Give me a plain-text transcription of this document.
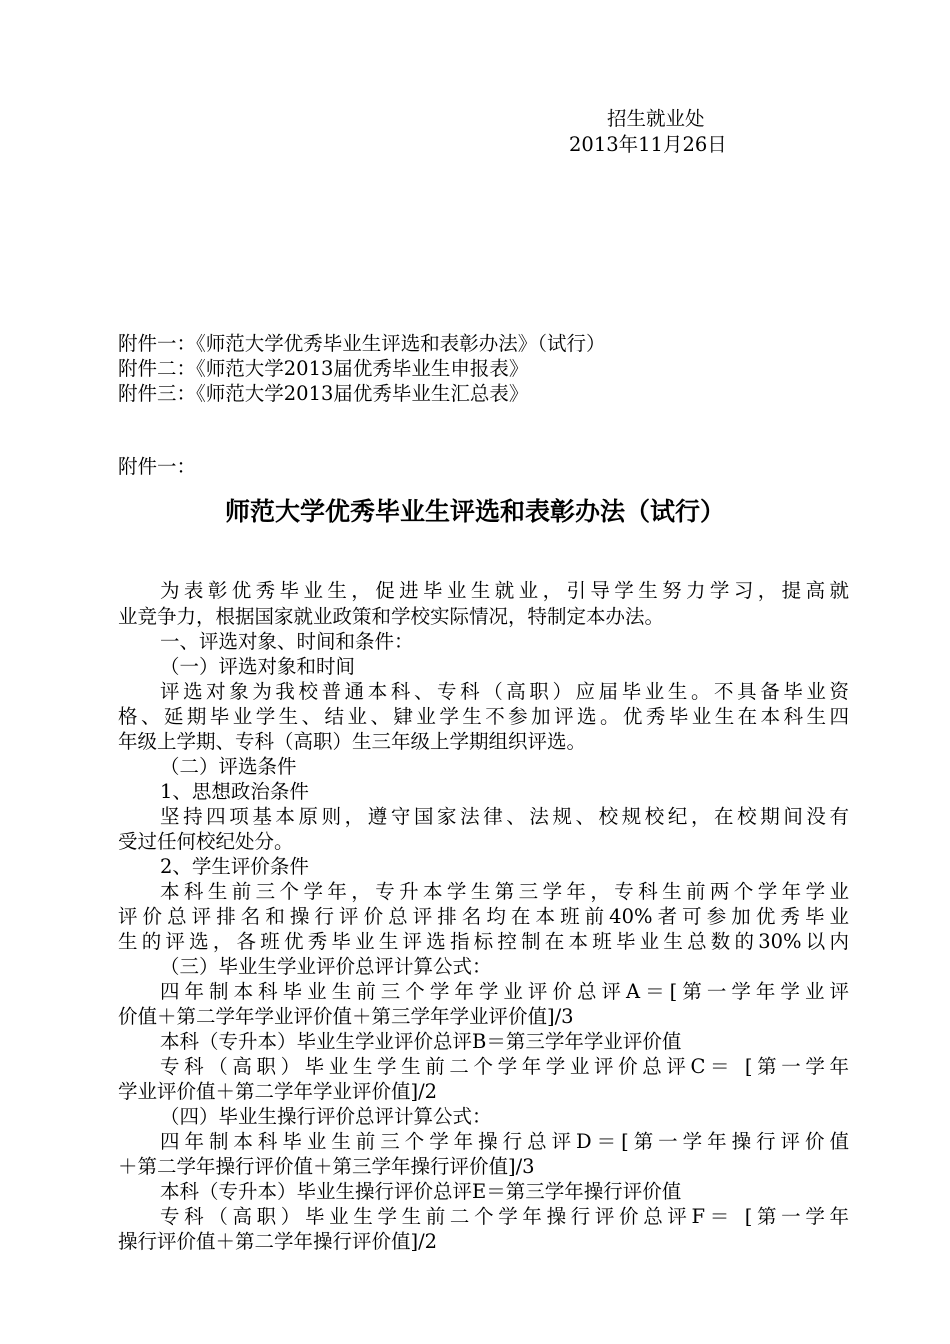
招生就业处
2013年11月26日
附件一：《师范大学优秀毕业生评选和表彰办法》（试行）
附件二：《师范大学2013届优秀毕业生申报表》
附件三：《师范大学2013届优秀毕业生汇总表》
附件一：
师范大学优秀毕业生评选和表彰办法（试行）
为表彰优秀毕业生，促进毕业生就业，引导学生努力学习，提高就
业竞争力，根据国家就业政策和学校实际情况，特制定本办法。
一、评选对象、时间和条件：
（一）评选对象和时间
评选对象为我校普通本科、专科（高职）应届毕业生。不具备毕业资
格、延期毕业学生、结业、肄业学生不参加评选。优秀毕业生在本科生四
年级上学期、专科（高职）生三年级上学期组织评选。
（二）评选条件
1、思想政治条件
坚持四项基本原则，遵守国家法律、法规、校规校纪，在校期间没有
受过任何校纪处分。
2、学生评价条件
本科生前三个学年，专升本学生第三学年，专科生前两个学年学业
评价总评排名和操行评价总评排名均在本班前40%者可参加优秀毕业
生的评选，各班优秀毕业生评选指标控制在本班毕业生总数的30%以内
（三）毕业生学业评价总评计算公式：
四年制本科毕业生前三个学年学业评价总评A＝[第一学年学业评
价值＋第二学年学业评价值＋第三学年学业评价值]/3
本科（专升本）毕业生学业评价总评B＝第三学年学业评价值
专科（高职）毕业生学生前二个学年学业评价总评C＝ [第一学年
学业评价值＋第二学年学业评价值]/2
（四）毕业生操行评价总评计算公式：
四年制本科毕业生前三个学年操行总评D＝[第一学年操行评价值
＋第二学年操行评价值＋第三学年操行评价值]/3
本科（专升本）毕业生操行评价总评E＝第三学年操行评价值
专科（高职）毕业生学生前二个学年操行评价总评F＝ [第一学年
操行评价值＋第二学年操行评价值]/2
